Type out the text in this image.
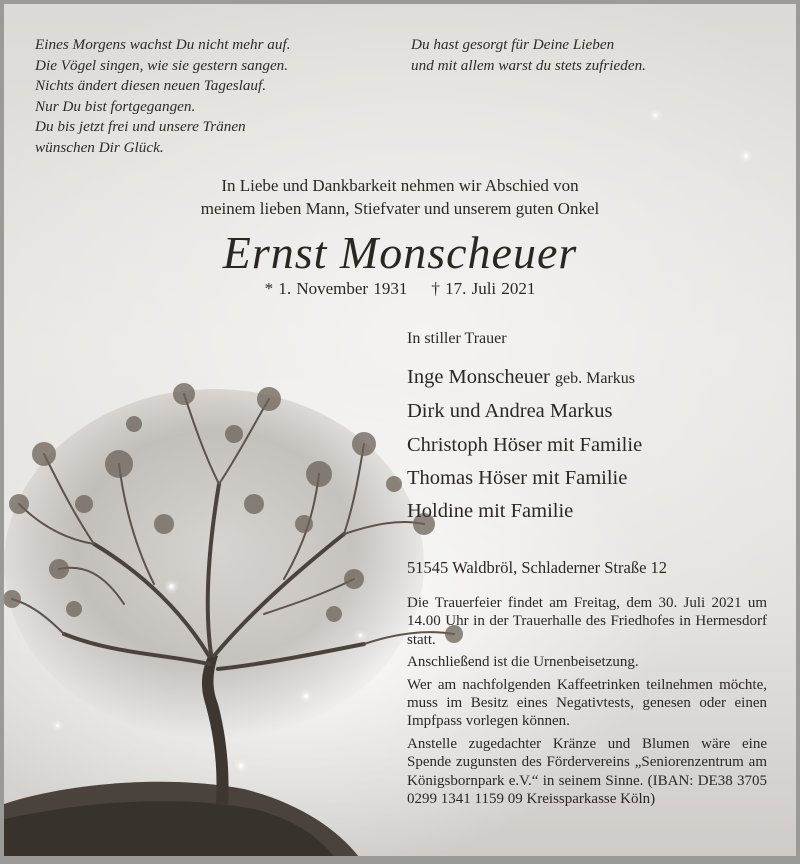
Eines Morgens wachst Du nicht mehr auf.
Die Vögel singen, wie sie gestern sangen.
Nichts ändert diesen neuen Tageslauf.
Nur Du bist fortgegangen.
Du bis jetzt frei und unsere Tränen
wünschen Dir Glück.
Du hast gesorgt für Deine Lieben
und mit allem warst du stets zufrieden.
In Liebe und Dankbarkeit nehmen wir Abschied von
meinem lieben Mann, Stiefvater und unserem guten Onkel
Ernst Monscheuer
* 1. November 1931 † 17. Juli 2021
In stiller Trauer
Inge Monscheuer geb. Markus
Dirk und Andrea Markus
Christoph Höser mit Familie
Thomas Höser mit Familie
Holdine mit Familie
51545 Waldbröl, Schladerner Straße 12

Die Trauerfeier findet am Freitag, dem 30. Juli 2021 um 14.00 Uhr in der Trauerhalle des Friedhofes in Hermesdorf statt.

Anschließend ist die Urnenbeisetzung.

Wer am nachfolgenden Kaffeetrinken teilnehmen möchte, muss im Besitz eines Negativtests, genesen oder einen Impfpass vorlegen können.

Anstelle zugedachter Kränze und Blumen wäre eine Spende zugunsten des Fördervereins „Seniorenzentrum am Königsbornpark e.V.“ in seinem Sinne. (IBAN: DE38 3705 0299 1341 1159 09 Kreissparkasse Köln)
